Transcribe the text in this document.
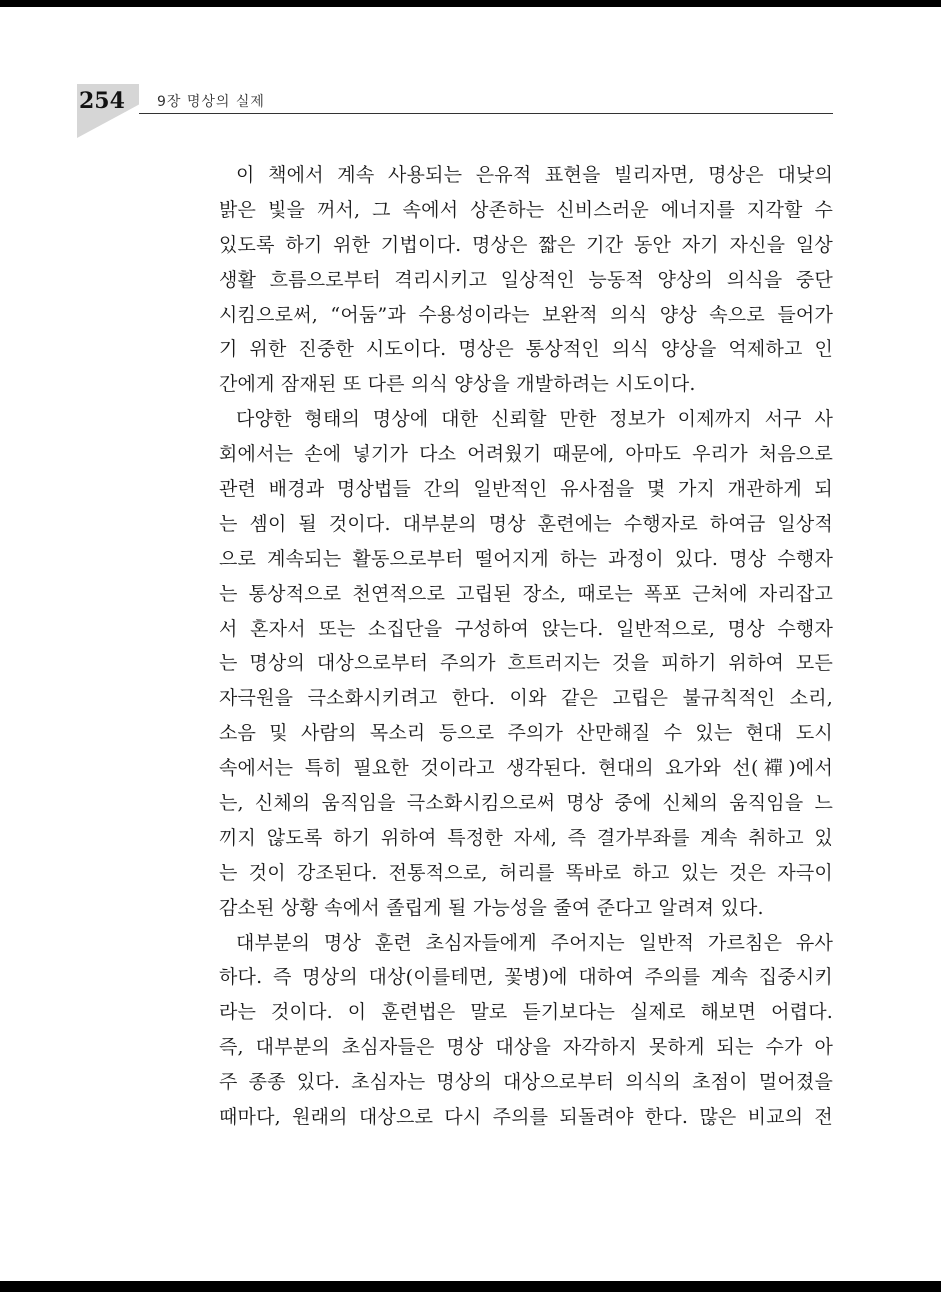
254 9장 명상의 실제
이 책에서 계속 사용되는 은유적 표현을 빌리자면, 명상은 대낮의
밝은 빛을 꺼서, 그 속에서 상존하는 신비스러운 에너지를 지각할 수
있도록 하기 위한 기법이다. 명상은 짧은 기간 동안 자기 자신을 일상
생활 흐름으로부터 격리시키고 일상적인 능동적 양상의 의식을 중단
시킴으로써, “어둠”과 수용성이라는 보완적 의식 양상 속으로 들어가
기 위한 진중한 시도이다. 명상은 통상적인 의식 양상을 억제하고 인
간에게 잠재된 또 다른 의식 양상을 개발하려는 시도이다.
다양한 형태의 명상에 대한 신뢰할 만한 정보가 이제까지 서구 사
회에서는 손에 넣기가 다소 어려웠기 때문에, 아마도 우리가 처음으로
관련 배경과 명상법들 간의 일반적인 유사점을 몇 가지 개관하게 되
는 셈이 될 것이다. 대부분의 명상 훈련에는 수행자로 하여금 일상적
으로 계속되는 활동으로부터 떨어지게 하는 과정이 있다. 명상 수행자
는 통상적으로 천연적으로 고립된 장소, 때로는 폭포 근처에 자리잡고
서 혼자서 또는 소집단을 구성하여 앉는다. 일반적으로, 명상 수행자
는 명상의 대상으로부터 주의가 흐트러지는 것을 피하기 위하여 모든
자극원을 극소화시키려고 한다. 이와 같은 고립은 불규칙적인 소리,
소음 및 사람의 목소리 등으로 주의가 산만해질 수 있는 현대 도시
속에서는 특히 필요한 것이라고 생각된다. 현대의 요가와 선(禪)에서
는, 신체의 움직임을 극소화시킴으로써 명상 중에 신체의 움직임을 느
끼지 않도록 하기 위하여 특정한 자세, 즉 결가부좌를 계속 취하고 있
는 것이 강조된다. 전통적으로, 허리를 똑바로 하고 있는 것은 자극이
감소된 상황 속에서 졸립게 될 가능성을 줄여 준다고 알려져 있다.
대부분의 명상 훈련 초심자들에게 주어지는 일반적 가르침은 유사
하다. 즉 명상의 대상(이를테면, 꽃병)에 대하여 주의를 계속 집중시키
라는 것이다. 이 훈련법은 말로 듣기보다는 실제로 해보면 어렵다.
즉, 대부분의 초심자들은 명상 대상을 자각하지 못하게 되는 수가 아
주 종종 있다. 초심자는 명상의 대상으로부터 의식의 초점이 멀어졌을
때마다, 원래의 대상으로 다시 주의를 되돌려야 한다. 많은 비교의 전
